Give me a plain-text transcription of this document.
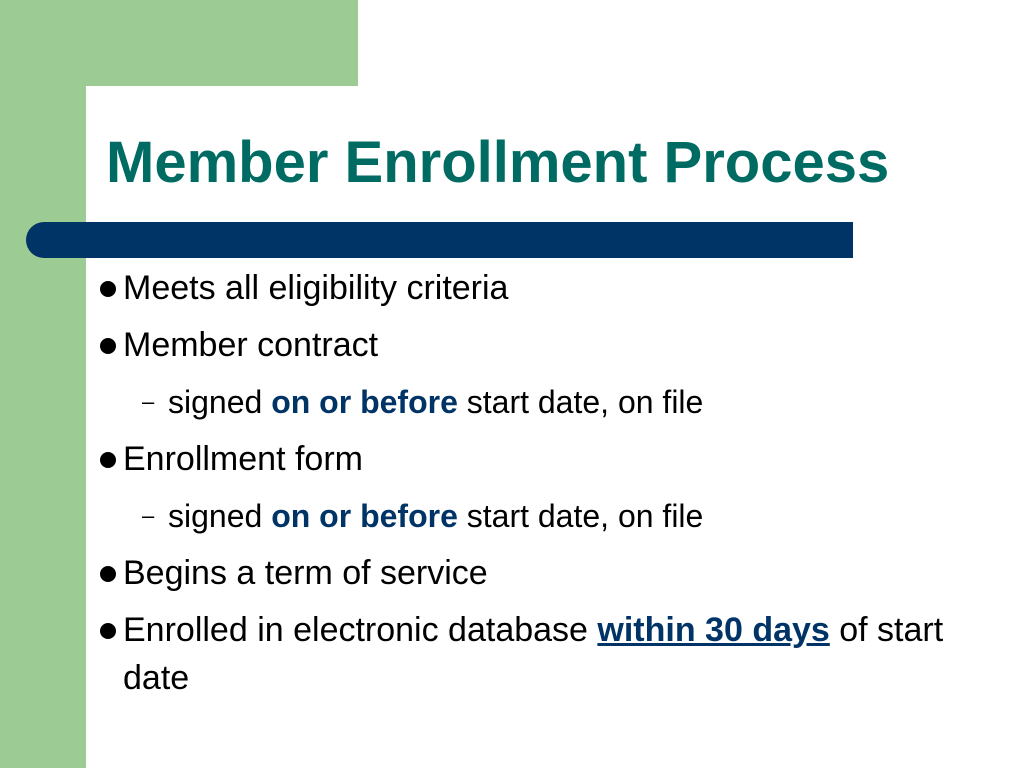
Member Enrollment Process
Meets all eligibility criteria
Member contract
– signed on or before start date, on file
Enrollment form
– signed on or before start date, on file
Begins a term of service
Enrolled in electronic database within 30 days of start date
